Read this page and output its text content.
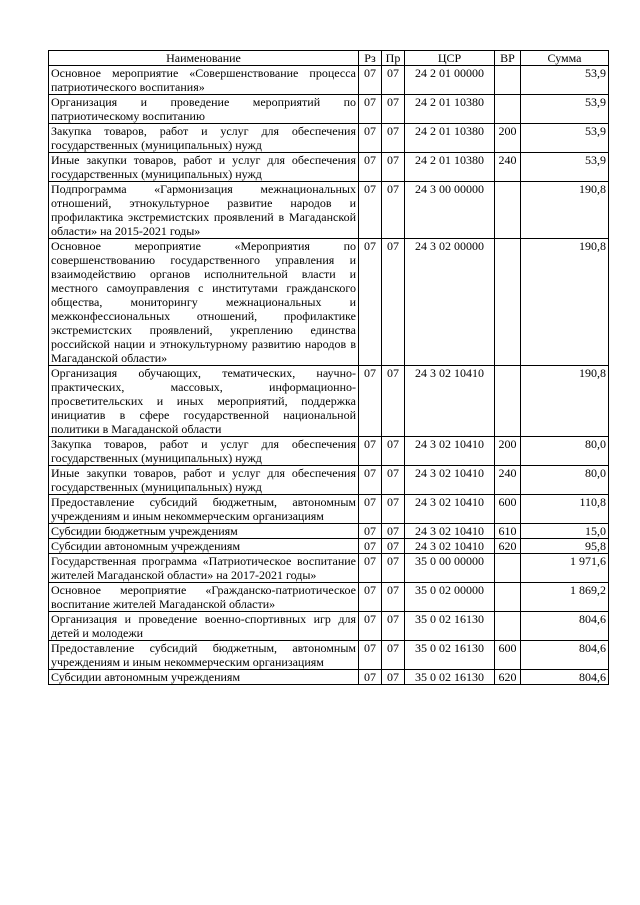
Наименование	Рз	Пр	ЦСР	ВР	Сумма
Основное мероприятие «Совершенствование процесса патриотического воспитания»	07	07	24 2 01 00000		53,9
Организация и проведение мероприятий по патриотическому воспитанию	07	07	24 2 01 10380		53,9
Закупка товаров, работ и услуг для обеспечения государственных (муниципальных) нужд	07	07	24 2 01 10380	200	53,9
Иные закупки товаров, работ и услуг для обеспечения государственных (муниципальных) нужд	07	07	24 2 01 10380	240	53,9
Подпрограмма «Гармонизация межнациональных отношений, этнокультурное развитие народов и профилактика экстремистских проявлений в Магаданской области» на 2015-2021 годы»	07	07	24 3 00 00000		190,8
Основное мероприятие «Мероприятия по совершенствованию государственного управления и взаимодействию органов исполнительной власти и местного самоуправления с институтами гражданского общества, мониторингу межнациональных и межконфессиональных отношений, профилактике экстремистских проявлений, укреплению единства российской нации и этнокультурному развитию народов в Магаданской области»	07	07	24 3 02 00000		190,8
Организация обучающих, тематических, научно-практических, массовых, информационно-просветительских и иных мероприятий, поддержка инициатив в сфере государственной национальной политики в Магаданской области	07	07	24 3 02 10410		190,8
Закупка товаров, работ и услуг для обеспечения государственных (муниципальных) нужд	07	07	24 3 02 10410	200	80,0
Иные закупки товаров, работ и услуг для обеспечения государственных (муниципальных) нужд	07	07	24 3 02 10410	240	80,0
Предоставление субсидий бюджетным, автономным учреждениям и иным некоммерческим организациям	07	07	24 3 02 10410	600	110,8
Субсидии бюджетным учреждениям	07	07	24 3 02 10410	610	15,0
Субсидии автономным учреждениям	07	07	24 3 02 10410	620	95,8
Государственная программа «Патриотическое воспитание жителей Магаданской области» на 2017-2021 годы»	07	07	35 0 00 00000		1 971,6
Основное мероприятие «Гражданско-патриотическое воспитание жителей Магаданской области»	07	07	35 0 02 00000		1 869,2
Организация и проведение военно-спортивных игр для детей и молодежи	07	07	35 0 02 16130		804,6
Предоставление субсидий бюджетным, автономным учреждениям и иным некоммерческим организациям	07	07	35 0 02 16130	600	804,6
Субсидии автономным учреждениям	07	07	35 0 02 16130	620	804,6
